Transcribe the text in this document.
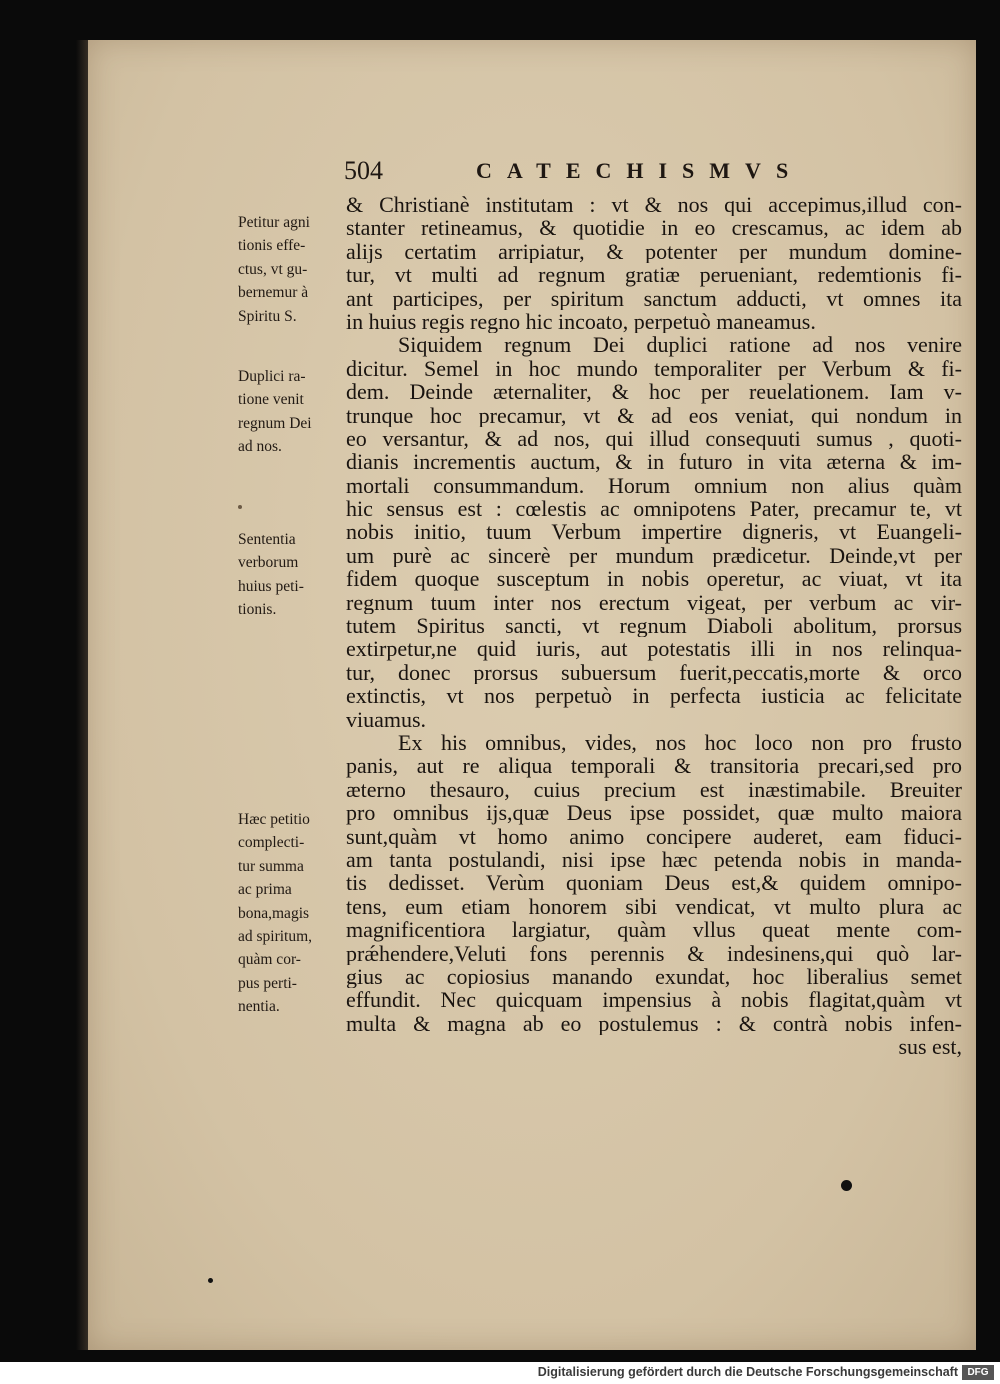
504	CATECHISMVS
& Christianè institutam : vt & nos qui accepimus,illud con-
stanter retineamus, & quotidie in eo crescamus, ac idem ab
alijs certatim arripiatur, & potenter per mundum domine-
tur, vt multi ad regnum gratiæ perueniant, redemtionis fi-
ant participes, per spiritum sanctum adducti, vt omnes ita
in huius regis regno hic incoato, perpetuò maneamus.
Siquidem regnum Dei duplici ratione ad nos venire
dicitur. Semel in hoc mundo temporaliter per Verbum & fi-
dem. Deinde æternaliter, & hoc per reuelationem. Iam v-
trunque hoc precamur, vt & ad eos veniat, qui nondum in
eo versantur, & ad nos, qui illud consequuti sumus , quoti-
dianis incrementis auctum, & in futuro in vita æterna & im-
mortali consummandum. Horum omnium non alius quàm
hic sensus est : cœlestis ac omnipotens Pater, precamur te, vt
nobis initio, tuum Verbum impertire digneris, vt Euangeli-
um purè ac sincerè per mundum prædicetur. Deinde,vt per
fidem quoque susceptum in nobis operetur, ac viuat, vt ita
regnum tuum inter nos erectum vigeat, per verbum ac vir-
tutem Spiritus sancti, vt regnum Diaboli abolitum, prorsus
extirpetur,ne quid iuris, aut potestatis illi in nos relinqua-
tur, donec prorsus subuersum fuerit,peccatis,morte & orco
extinctis, vt nos perpetuò in perfecta iusticia ac felicitate
viuamus.
Ex his omnibus, vides, nos hoc loco non pro frusto
panis, aut re aliqua temporali & transitoria precari,sed pro
æterno thesauro, cuius precium est inæstimabile. Breuiter
pro omnibus ijs,quæ Deus ipse possidet, quæ multo maiora
sunt,quàm vt homo animo concipere auderet, eam fiduci-
am tanta postulandi, nisi ipse hæc petenda nobis in manda-
tis dedisset. Verùm quoniam Deus est,& quidem omnipo-
tens, eum etiam honorem sibi vendicat, vt multo plura ac
magnificentiora largiatur, quàm vllus queat mente com-
prǽhendere,Veluti fons perennis & indesinens,qui quò lar-
gius ac copiosius manando exundat, hoc liberalius semet
effundit. Nec quicquam impensius à nobis flagitat,quàm vt
multa & magna ab eo postulemus : & contrà nobis infen-
sus est,
Petitur agni
tionis effe-
ctus, vt gu-
bernemur à
Spiritu S.
Duplici ra-
tione venit
regnum Dei
ad nos.
Sententia
verborum
huius peti-
tionis.
Hæc petitio
complecti-
tur summa
ac prima
bona,magis
ad spiritum,
quàm cor-
pus perti-
nentia.
Digitalisierung gefördert durch die Deutsche Forschungsgemeinschaft DFG
